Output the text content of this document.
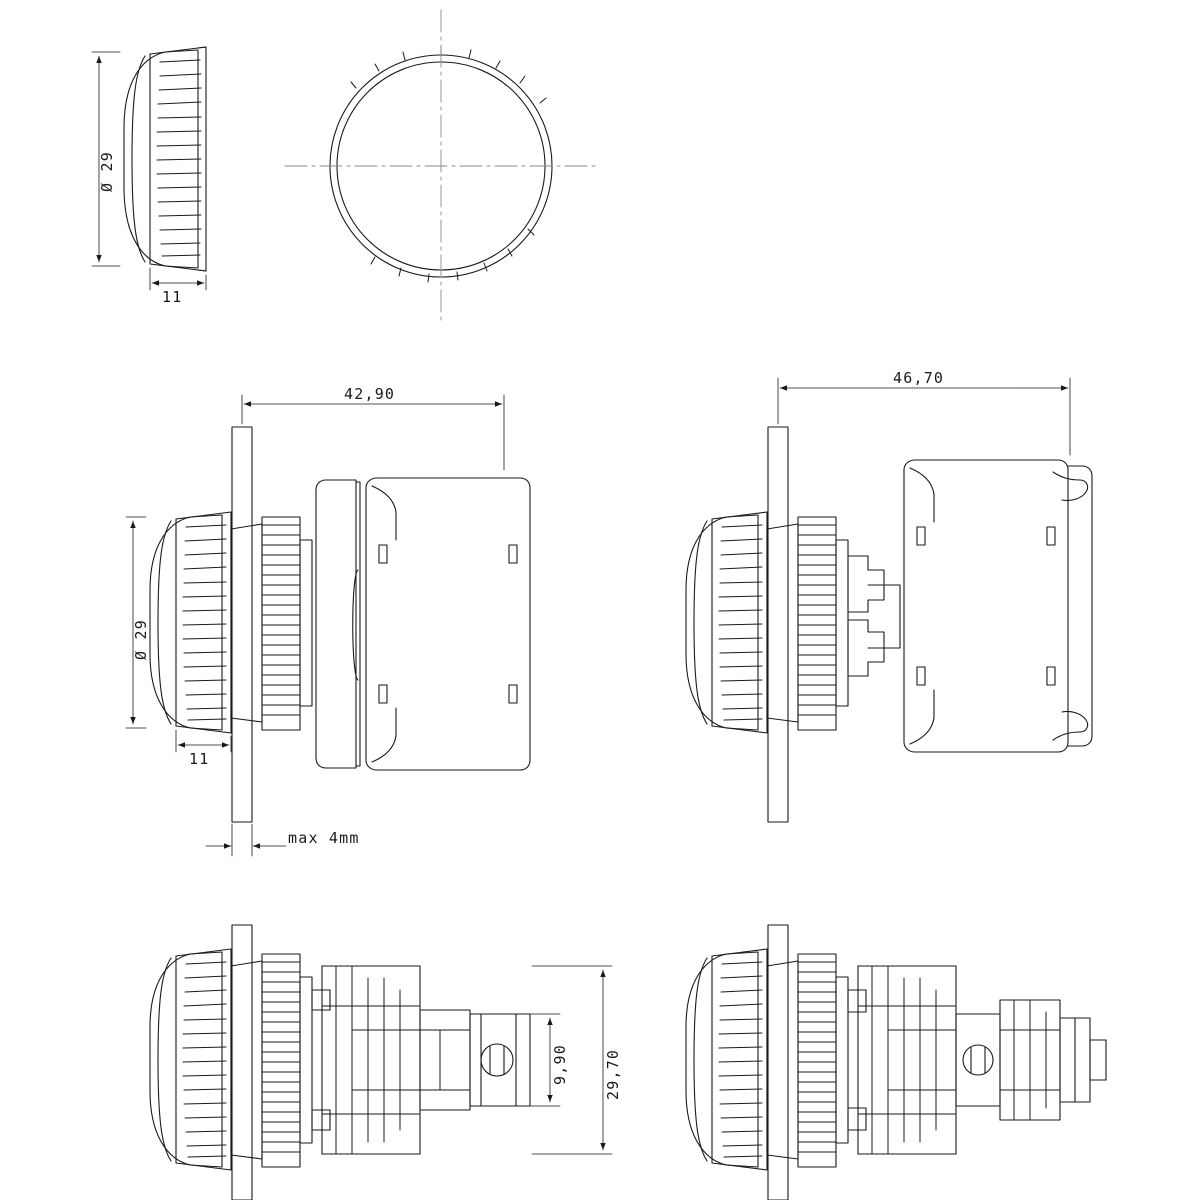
Ø 29
11
42,90
Ø 29
11
max 4mm
46,70
9,90 29,70
